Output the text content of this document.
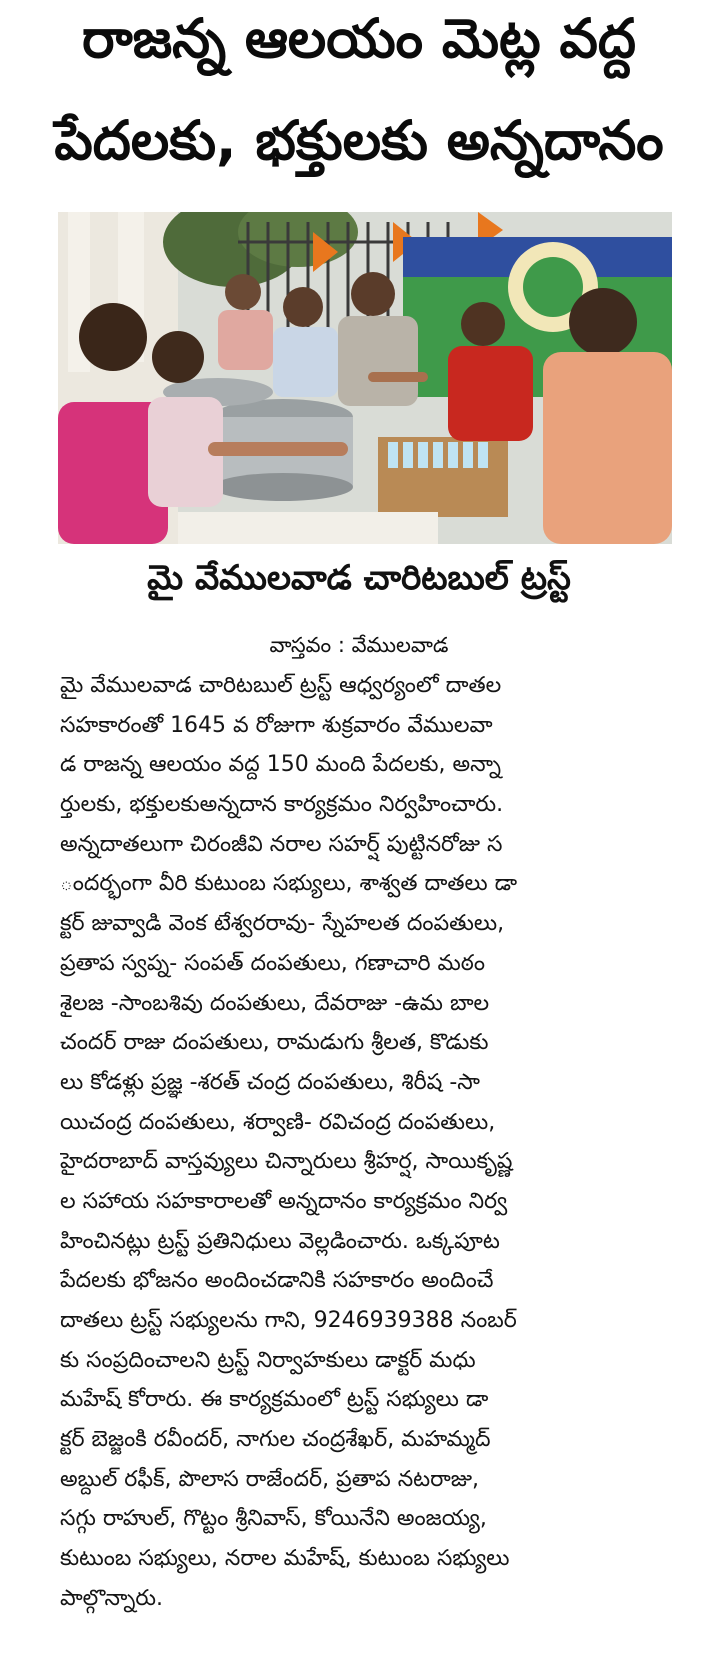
రాజన్న ఆలయం మెట్ల వద్ద
పేదలకు, భక్తులకు అన్నదానం
మై వేములవాడ చారిటబుల్ ట్రస్ట్
వాస్తవం : వేములవాడ
మై వేములవాడ చారిటబుల్ ట్రస్ట్ ఆధ్వర్యంలో దాతల
సహకారంతో 1645 వ రోజుగా శుక్రవారం వేములవా
డ రాజన్న ఆలయం వద్ద 150 మంది పేదలకు, అన్నా
ర్తులకు, భక్తులకుఅన్నదాన కార్యక్రమం నిర్వహించారు.
అన్నదాతలుగా చిరంజీవి నరాల సహర్ష్ పుట్టినరోజు స
ందర్భంగా వీరి కుటుంబ సభ్యులు, శాశ్వత దాతలు డా
క్టర్ జువ్వాడి వెంక టేశ్వరరావు- స్నేహలత దంపతులు,
ప్రతాప స్వప్న- సంపత్ దంపతులు, గణాచారి మఠం
శైలజ -సాంబశివు దంపతులు, దేవరాజు -ఉమ బాల
చందర్ రాజు దంపతులు, రామడుగు శ్రీలత, కొడుకు
లు కోడళ్లు ప్రజ్ఞ -శరత్ చంద్ర దంపతులు, శిరీష -సా
యిచంద్ర దంపతులు, శర్వాణి- రవిచంద్ర దంపతులు,
హైదరాబాద్ వాస్తవ్యులు చిన్నారులు శ్రీహర్ష, సాయికృష్ణ
ల సహాయ సహకారాలతో అన్నదానం కార్యక్రమం నిర్వ
హించినట్లు ట్రస్ట్ ప్రతినిధులు వెల్లడించారు. ఒక్కపూట
పేదలకు భోజనం అందించడానికి సహకారం అందించే
దాతలు ట్రస్ట్ సభ్యులను గాని, 9246939388 నంబర్
కు సంప్రదించాలని ట్రస్ట్ నిర్వాహకులు డాక్టర్ మధు
మహేష్ కోరారు. ఈ కార్యక్రమంలో ట్రస్ట్ సభ్యులు డా
క్టర్ బెజ్జంకి రవీందర్, నాగుల చంద్రశేఖర్, మహమ్మద్
అబ్దుల్ రఫీక్, పొలాస రాజేందర్, ప్రతాప నటరాజు,
సగ్గు రాహుల్, గొట్టం శ్రీనివాస్, కోయినేని అంజయ్య,
కుటుంబ సభ్యులు, నరాల మహేష్, కుటుంబ సభ్యులు
పాల్గొన్నారు.
